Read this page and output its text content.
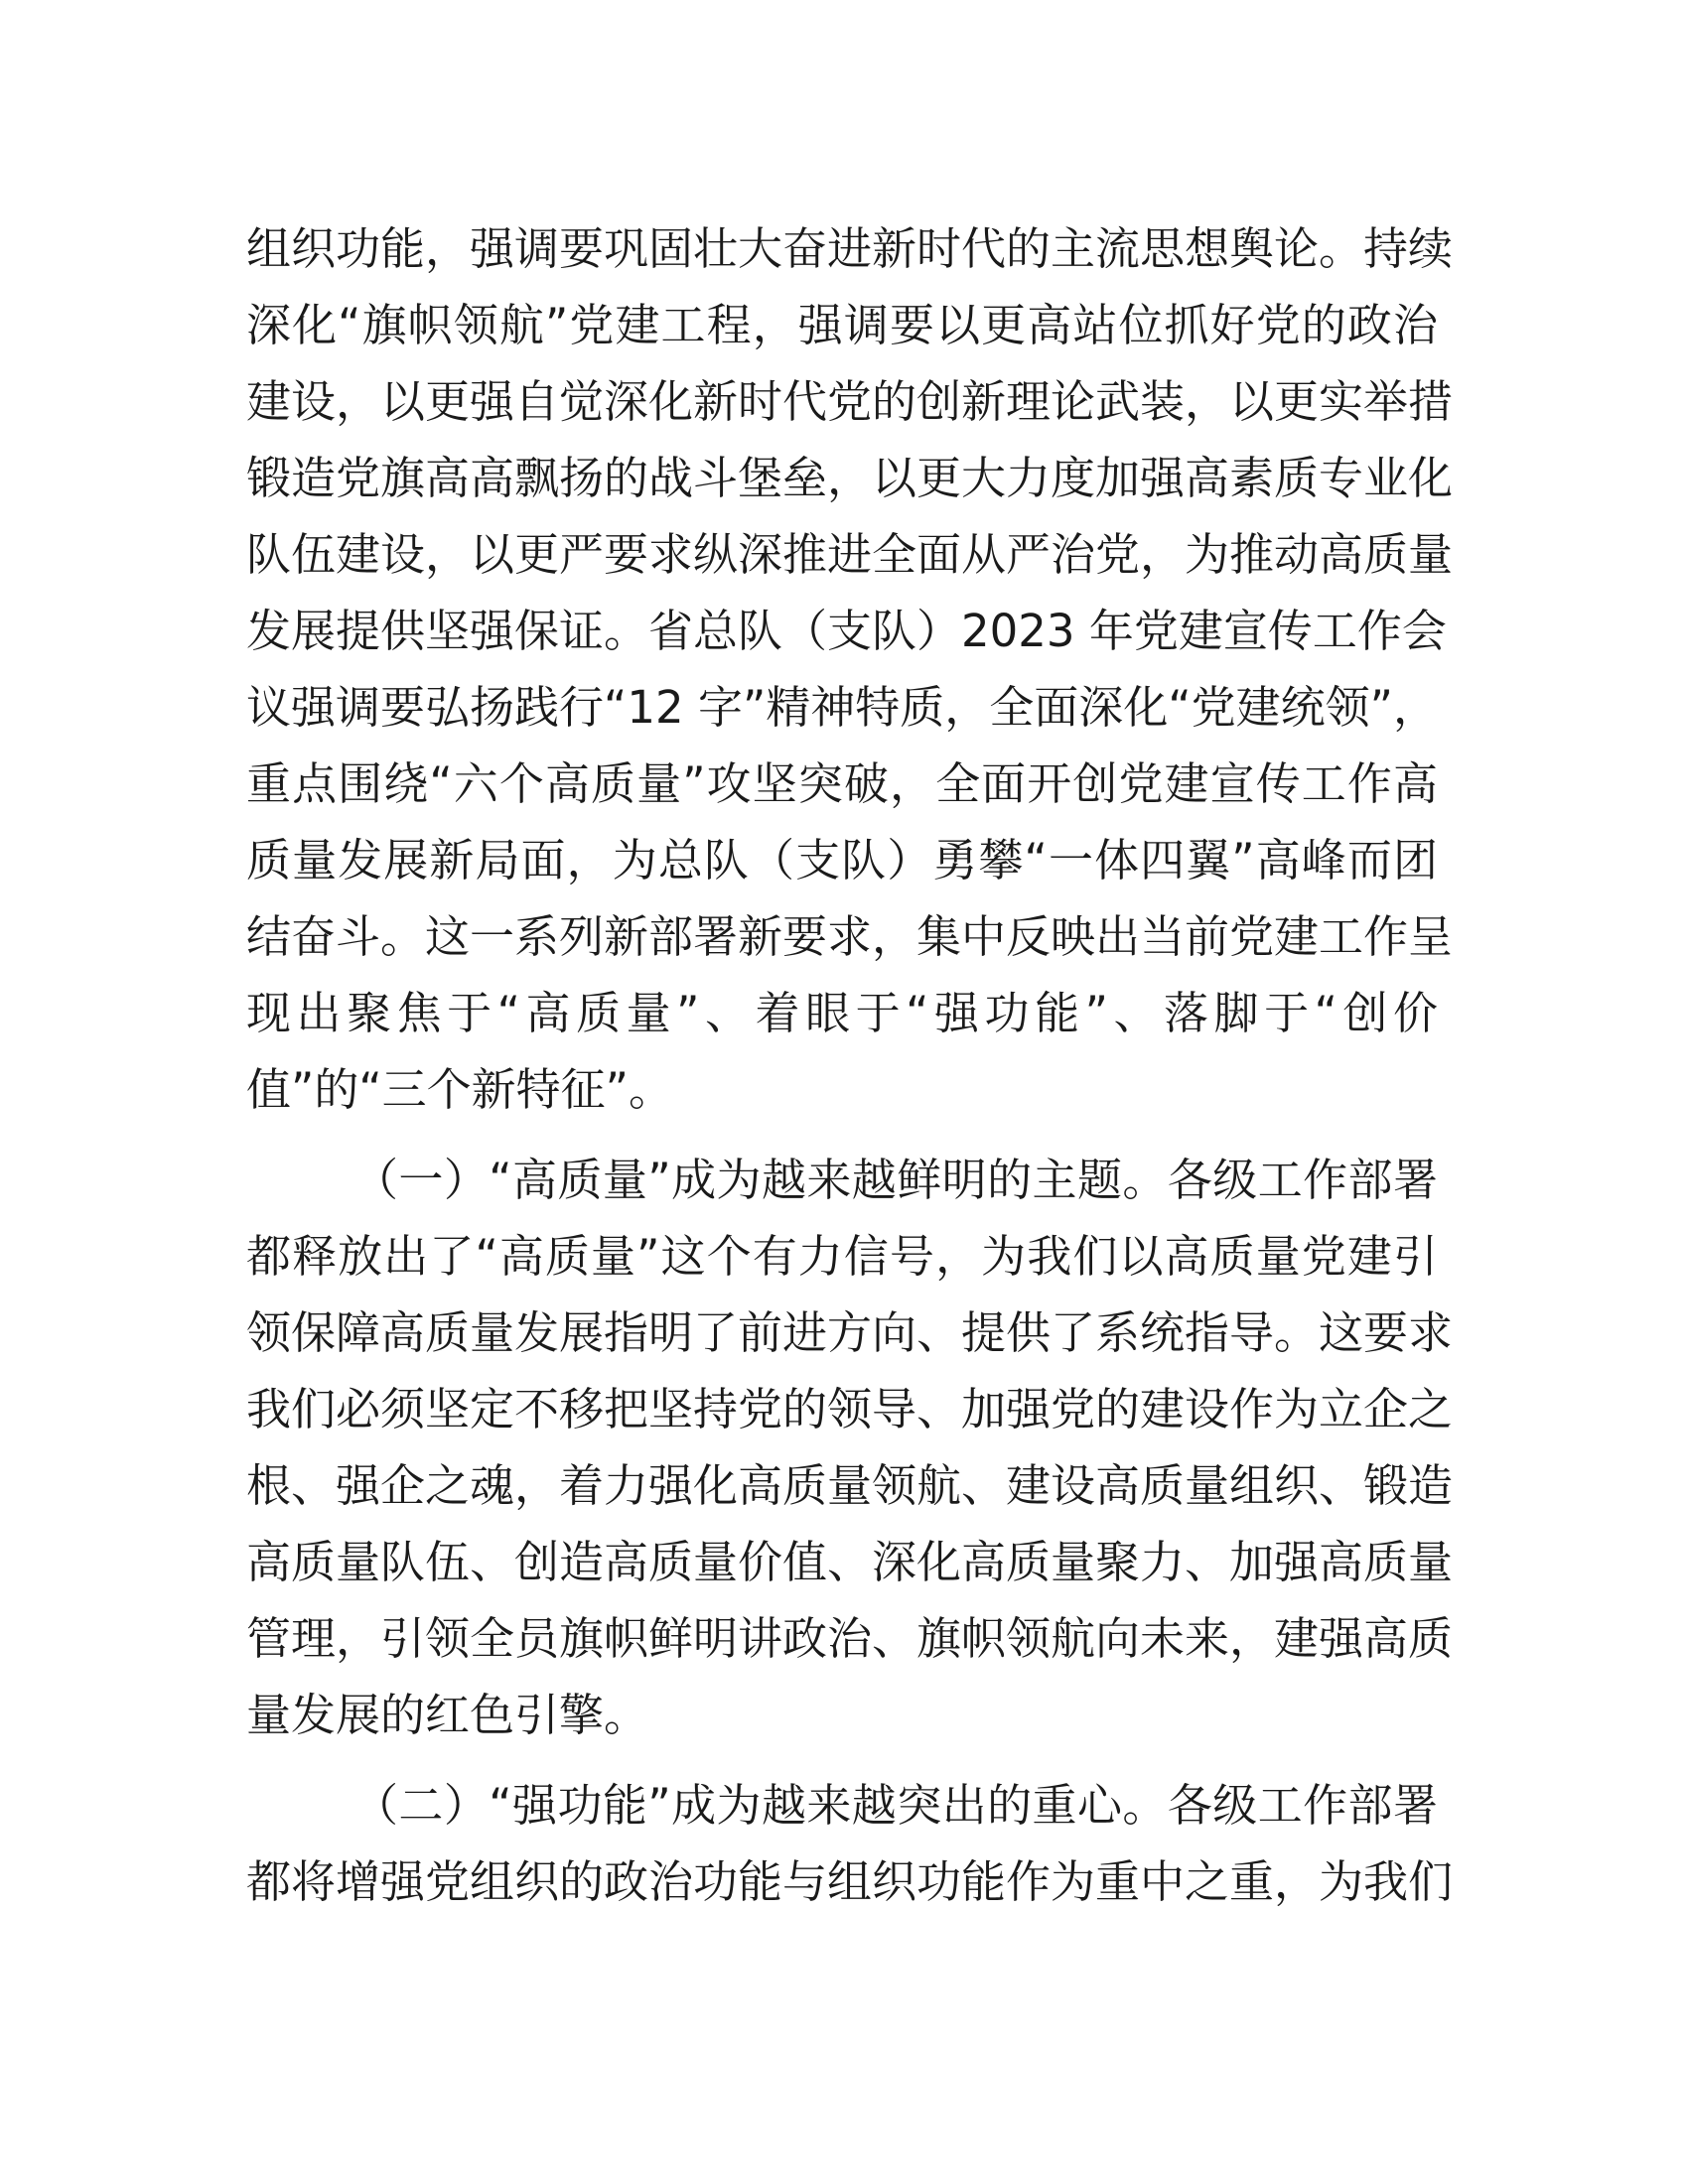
组织功能，强调要巩固壮大奋进新时代的主流思想舆论。持续
深化“旗帜领航”党建工程，强调要以更高站位抓好党的政治
建设，以更强自觉深化新时代党的创新理论武装，以更实举措
锻造党旗高高飘扬的战斗堡垒，以更大力度加强高素质专业化
队伍建设，以更严要求纵深推进全面从严治党，为推动高质量
发展提供坚强保证。省总队（支队）2023 年党建宣传工作会
议强调要弘扬践行“12 字”精神特质，全面深化“党建统领”，
重点围绕“六个高质量”攻坚突破，全面开创党建宣传工作高
质量发展新局面，为总队（支队）勇攀“一体四翼”高峰而团
结奋斗。这一系列新部署新要求，集中反映出当前党建工作呈
现出聚焦于“高质量”、着眼于“强功能”、落脚于“创价
值”的“三个新特征”。
（一）“高质量”成为越来越鲜明的主题。各级工作部署
都释放出了“高质量”这个有力信号，为我们以高质量党建引
领保障高质量发展指明了前进方向、提供了系统指导。这要求
我们必须坚定不移把坚持党的领导、加强党的建设作为立企之
根、强企之魂，着力强化高质量领航、建设高质量组织、锻造
高质量队伍、创造高质量价值、深化高质量聚力、加强高质量
管理，引领全员旗帜鲜明讲政治、旗帜领航向未来，建强高质
量发展的红色引擎。
（二）“强功能”成为越来越突出的重心。各级工作部署
都将增强党组织的政治功能与组织功能作为重中之重，为我们
